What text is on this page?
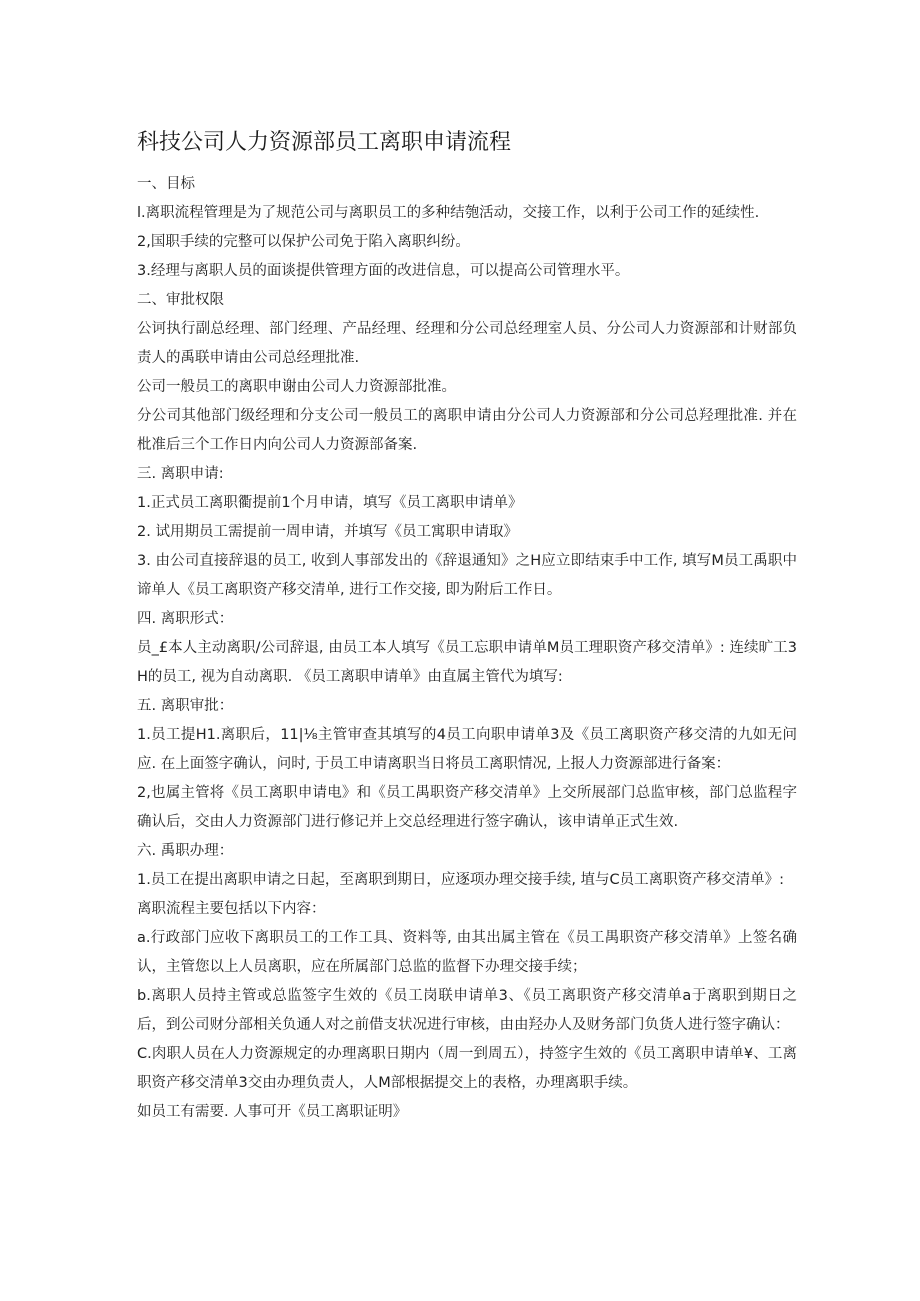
科技公司人力资源部员工离职申请流程

一、目标

l.离职流程管理是为了规范公司与离职员工的多种结匏活动，交接工作，以利于公司工作的延续性.

2,国职手续的完整可以保护公司免于陷入离职纠纷。

3.经理与离职人员的面谈提供管理方面的改进信息，可以提高公司管理水平。

二、审批权限

公诃执行副总经理、部门经理、产品经理、经理和分公司总经理室人员、分公司人力资源部和计财部负责人的禹联申请由公司总经理批准.

公司一般员工的离职申谢由公司人力资源部批准。

分公司其他部门级经理和分支公司一般员工的离职申请由分公司人力资源部和分公司总羟理批准. 并在枇准后三个工作日内向公司人力资源部备案.

三. 离职申请:

1.正式员工离职衢提前1个月申请，填写《员工离职申请单》

2. 试用期员工需提前一周申请，并填写《员工寓职申请取》

3. 由公司直接辞退的员工, 收到人事部发出的《辞退通知》之H应立即结束手中工作, 填写M员工禹职中谛单人《员工离职资产移交清单, 进行工作交接, 即为附后工作日。

四. 离职形式：

员_£本人主动离职/公司辞退, 由员工本人填写《员工忘职申请单M员工理职资产移交清单》: 连续旷工3H的员工, 视为自动离职. 《员工离职申请单》由直属主管代为填写:

五. 离职审批：

1.员工提H1.离职后，11|⅛主管审查其填写的4员工向职申请单3及《员工离职资产移交清的九如无问应. 在上面签字确认，问时, 于员工申请离职当日将员工离职情况, 上报人力资源部进行备案：

2,也属主管将《员工离职申请电》和《员工禺职资产移交清单》上交所展部门总监审核，部门总监程字确认后，交由人力资源部门进行修记并上交总经理进行签字确认，该申请单正式生效.

六. 禹职办理：

1.员工在提出离职申请之日起，至离职到期日，应逐项办理交接手续, 埴与C员工离职资产移交清单》:

离职流程主要包括以下内容：

a.行政部门应收下离职员工的工作工具、资料等, 由其出属主管在《员工禺职资产移交清单》上签名确认，主管您以上人员离职，应在所属部门总监的监督下办理交接手续；

b.离职人员持主管或总监签字生效的《员工岗联申请单3、《员工离职资产移交清单a于离职到期日之后，到公司财分部相关负通人对之前借支状况进行审核，由由羟办人及财务部门负货人进行签字确认：

C.肉职人员在人力资源规定的办理离职日期内（周一到周五），持签字生效的《员工离职申请单¥、工离职资产移交清单3交由办理负责人，人M部根据提交上的表格，办理离职手续。

如员工有需要. 人事可开《员工离职证明》
